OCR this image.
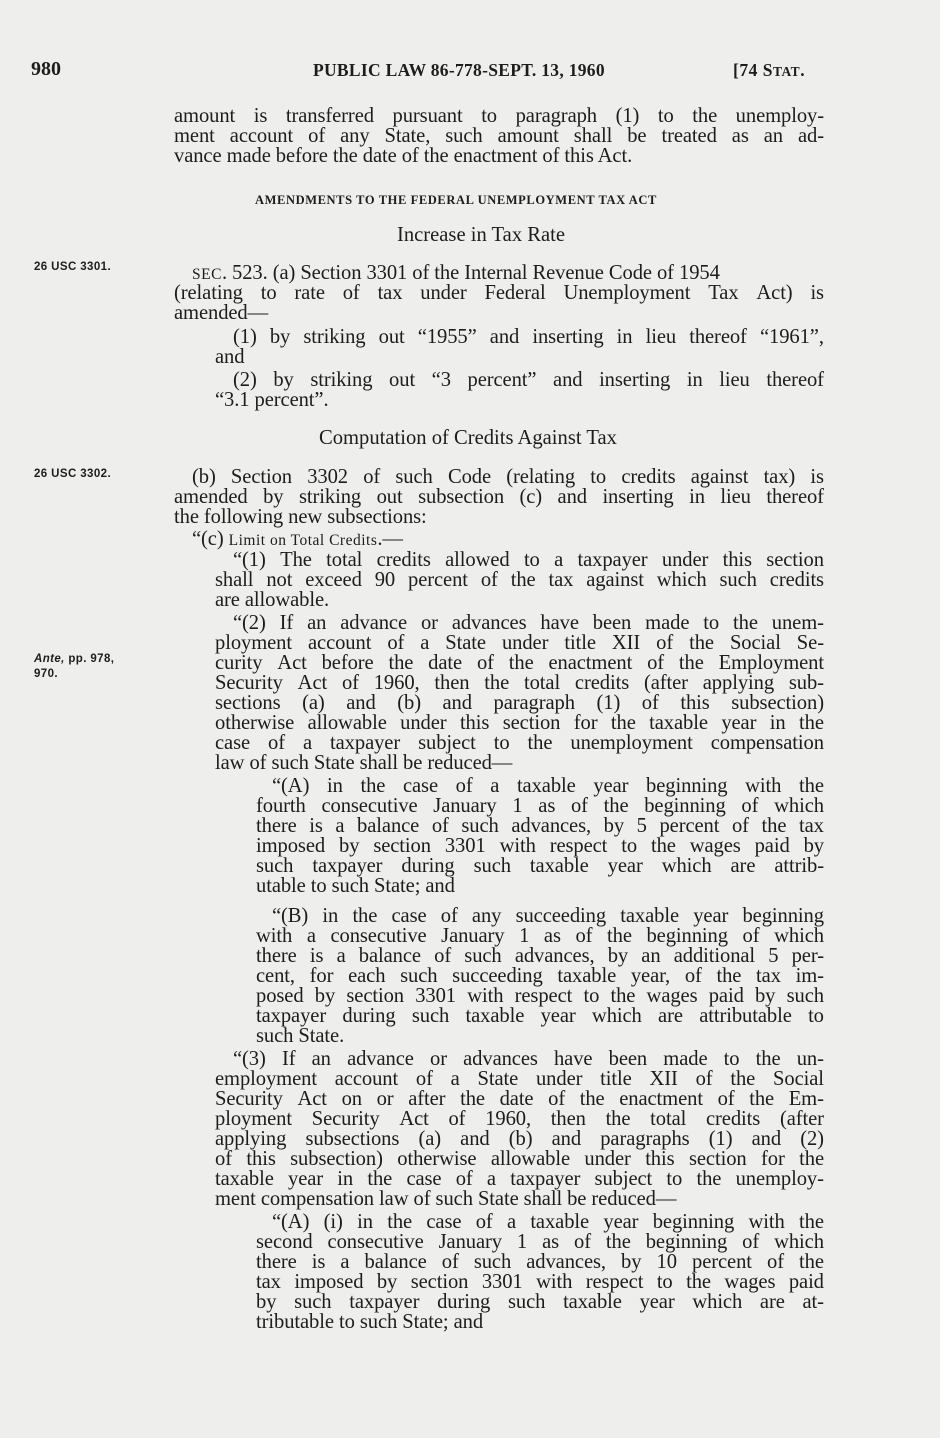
980	PUBLIC LAW 86-778-SEPT. 13, 1960	[74 STAT.
26 USC 3301.
26 USC 3302.
Ante, pp. 978,
970.
amount is transferred pursuant to paragraph (1) to the unemploy-
ment account of any State, such amount shall be treated as an ad-
vance made before the date of the enactment of this Act.
AMENDMENTS TO THE FEDERAL UNEMPLOYMENT TAX ACT
Increase in Tax Rate
SEC. 523. (a) Section 3301 of the Internal Revenue Code of 1954
(relating to rate of tax under Federal Unemployment Tax Act) is
amended—
(1) by striking out “1955” and inserting in lieu thereof “1961”,
and
(2) by striking out “3 percent” and inserting in lieu thereof
“3.1 percent”.
Computation of Credits Against Tax
(b) Section 3302 of such Code (relating to credits against tax) is
amended by striking out subsection (c) and inserting in lieu thereof
the following new subsections:
“(c) Limit on Total Credits.—
“(1) The total credits allowed to a taxpayer under this section
shall not exceed 90 percent of the tax against which such credits
are allowable.
“(2) If an advance or advances have been made to the unem-
ployment account of a State under title XII of the Social Se-
curity Act before the date of the enactment of the Employment
Security Act of 1960, then the total credits (after applying sub-
sections (a) and (b) and paragraph (1) of this subsection)
otherwise allowable under this section for the taxable year in the
case of a taxpayer subject to the unemployment compensation
law of such State shall be reduced—
“(A) in the case of a taxable year beginning with the
fourth consecutive January 1 as of the beginning of which
there is a balance of such advances, by 5 percent of the tax
imposed by section 3301 with respect to the wages paid by
such taxpayer during such taxable year which are attrib-
utable to such State; and
“(B) in the case of any succeeding taxable year beginning
with a consecutive January 1 as of the beginning of which
there is a balance of such advances, by an additional 5 per-
cent, for each such succeeding taxable year, of the tax im-
posed by section 3301 with respect to the wages paid by such
taxpayer during such taxable year which are attributable to
such State.
“(3) If an advance or advances have been made to the un-
employment account of a State under title XII of the Social
Security Act on or after the date of the enactment of the Em-
ployment Security Act of 1960, then the total credits (after
applying subsections (a) and (b) and paragraphs (1) and (2)
of this subsection) otherwise allowable under this section for the
taxable year in the case of a taxpayer subject to the unemploy-
ment compensation law of such State shall be reduced—
“(A) (i) in the case of a taxable year beginning with the
second consecutive January 1 as of the beginning of which
there is a balance of such advances, by 10 percent of the
tax imposed by section 3301 with respect to the wages paid
by such taxpayer during such taxable year which are at-
tributable to such State; and
